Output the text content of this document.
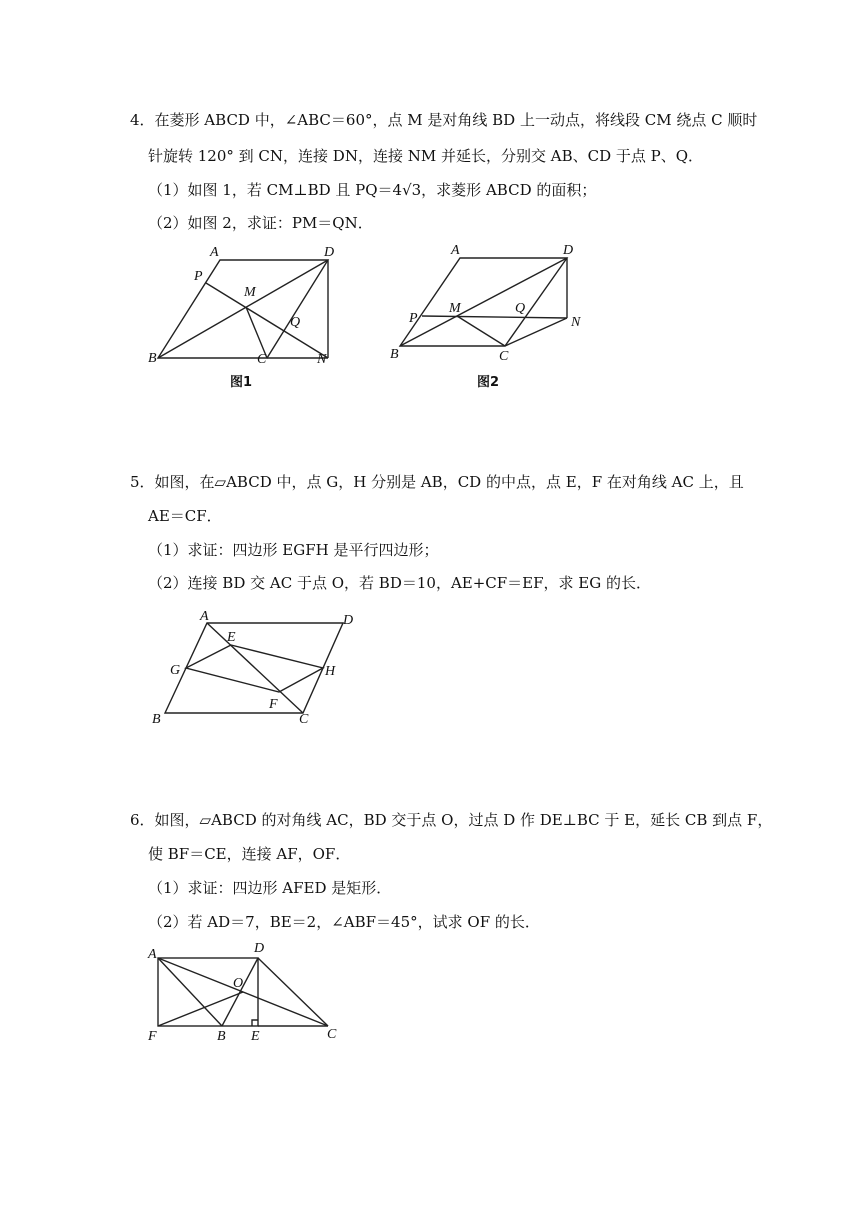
4．在菱形 ABCD 中，∠ABC＝60°，点 M 是对角线 BD 上一动点，将线段 CM 绕点 C 顺时
针旋转 120° 到 CN，连接 DN，连接 NM 并延长，分别交 AB、CD 于点 P、Q．
（1）如图 1，若 CM⊥BD 且 PQ＝4√3，求菱形 ABCD 的面积；
（2）如图 2，求证：PM＝QN．
A	D
P
M
Q
B	C	N
图1
A	D
P
M	Q
N
B	C
图2
5．如图，在▱ABCD 中，点 G，H 分别是 AB，CD 的中点，点 E，F 在对角线 AC 上，且
AE＝CF．
（1）求证：四边形 EGFH 是平行四边形；
（2）连接 BD 交 AC 于点 O，若 BD＝10，AE+CF＝EF，求 EG 的长．
A
E
D
G	H
F
B	C
6．如图，▱ABCD 的对角线 AC，BD 交于点 O，过点 D 作 DE⊥BC 于 E，延长 CB 到点 F，
使 BF＝CE，连接 AF，OF．
（1）求证：四边形 AFED 是矩形．
（2）若 AD＝7，BE＝2，∠ABF＝45°，试求 OF 的长．
A	D
O
F	B E	C
